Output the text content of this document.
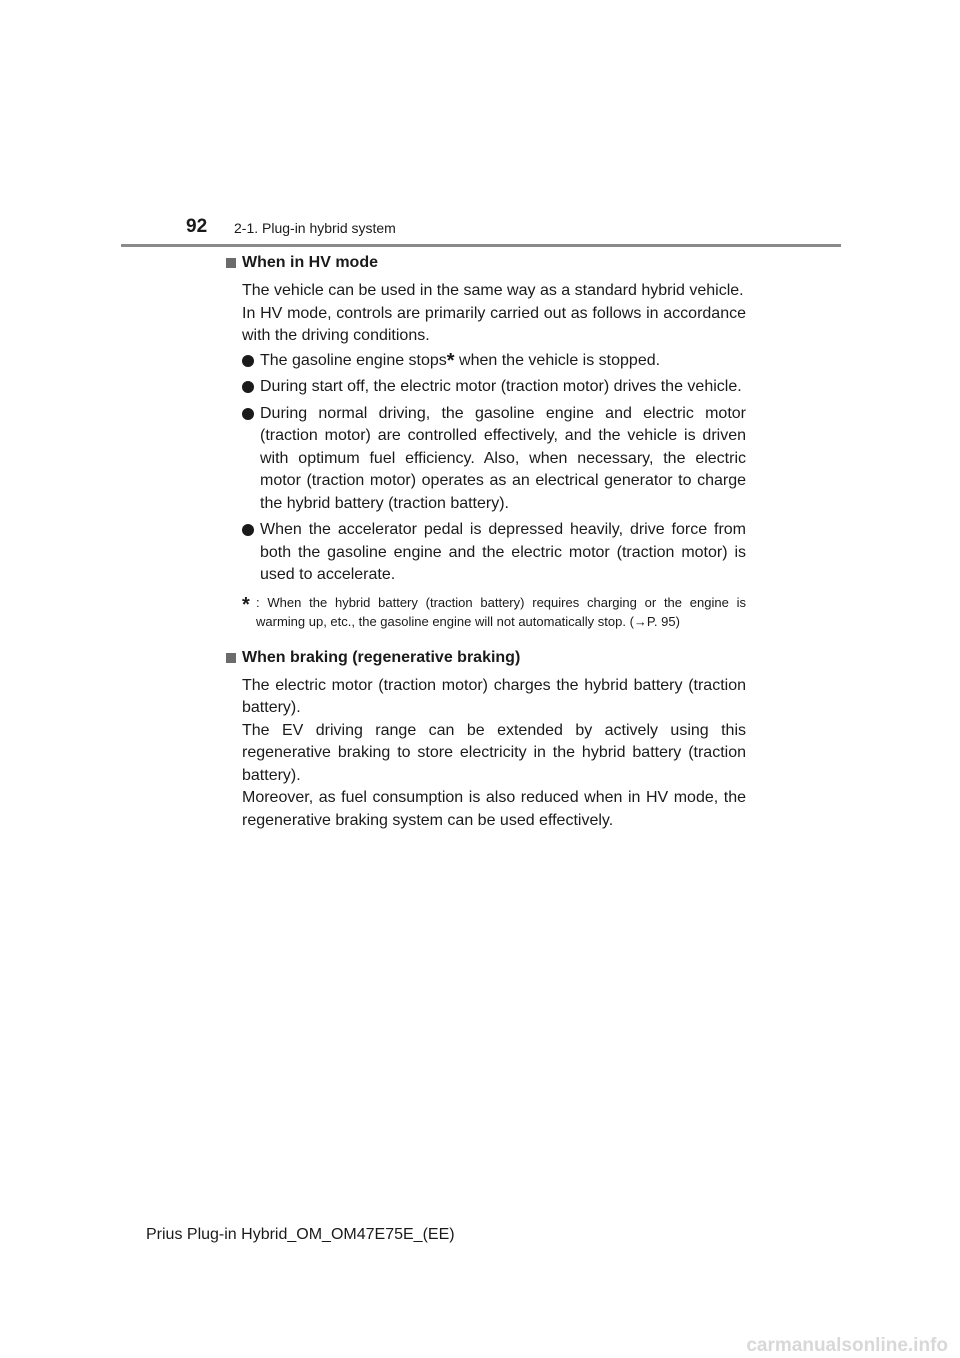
92 2-1. Plug-in hybrid system
When in HV mode

The vehicle can be used in the same way as a standard hybrid vehicle.

In HV mode, controls are primarily carried out as follows in accordance with the driving conditions.

The gasoline engine stops* when the vehicle is stopped.
During start off, the electric motor (traction motor) drives the vehicle.
During normal driving, the gasoline engine and electric motor (traction motor) are controlled effectively, and the vehicle is driven with optimum fuel efficiency. Also, when necessary, the electric motor (traction motor) operates as an electrical generator to charge the hybrid battery (traction battery).
When the accelerator pedal is depressed heavily, drive force from both the gasoline engine and the electric motor (traction motor) is used to accelerate.
* : When the hybrid battery (traction battery) requires charging or the engine is warming up, etc., the gasoline engine will not automatically stop. (→P. 95)
When braking (regenerative braking)

The electric motor (traction motor) charges the hybrid battery (traction battery).

The EV driving range can be extended by actively using this regenerative braking to store electricity in the hybrid battery (traction battery).

Moreover, as fuel consumption is also reduced when in HV mode, the regenerative braking system can be used effectively.

Prius Plug-in Hybrid_OM_OM47E75E_(EE)
carmanualsonline.info
